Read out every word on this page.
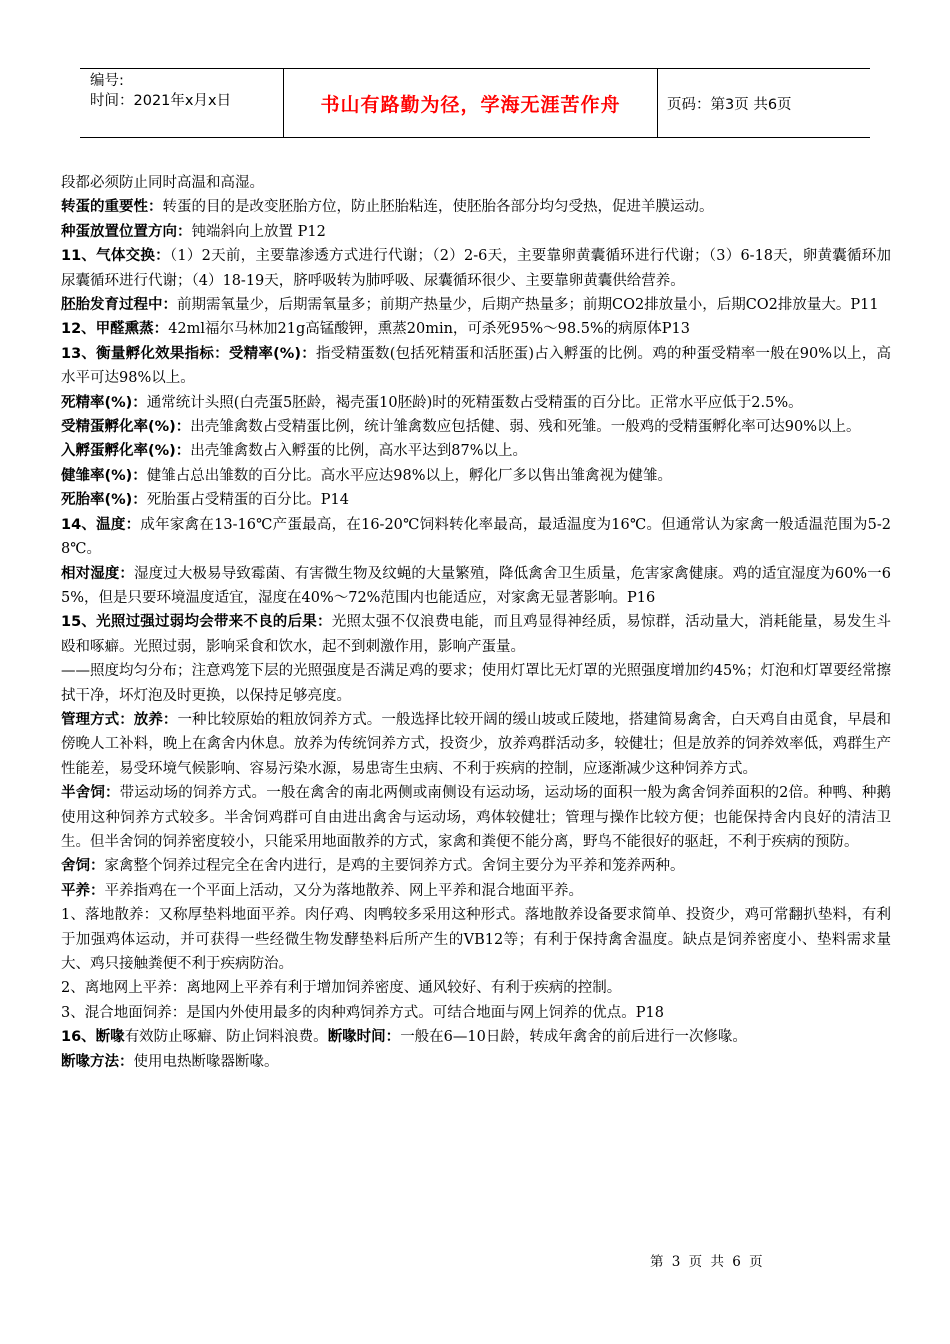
编号:
时间：2021年x月x日	书山有路勤为径，学海无涯苦作舟	页码：第3页 共6页

段都必须防止同时高温和高湿。

转蛋的重要性：转蛋的目的是改变胚胎方位，防止胚胎粘连，使胚胎各部分均匀受热，促进羊膜运动。

种蛋放置位置方向：钝端斜向上放置 P12

11、气体交换：（1）2天前，主要靠渗透方式进行代谢；（2）2-6天，主要靠卵黄囊循环进行代谢；（3）6-18天，卵黄囊循环加尿囊循环进行代谢；（4）18-19天，脐呼吸转为肺呼吸、尿囊循环很少、主要靠卵黄囊供给营养。

胚胎发育过程中：前期需氧量少，后期需氧量多；前期产热量少，后期产热量多；前期CO2排放量小，后期CO2排放量大。P11

12、甲醛熏蒸：42ml福尔马林加21g高锰酸钾，熏蒸20min，可杀死95%～98.5%的病原体P13

13、衡量孵化效果指标：受精率(%)：指受精蛋数(包括死精蛋和活胚蛋)占入孵蛋的比例。鸡的种蛋受精率一般在90%以上，高水平可达98%以上。

死精率(%)：通常统计头照(白壳蛋5胚龄，褐壳蛋10胚龄)时的死精蛋数占受精蛋的百分比。正常水平应低于2.5%。

受精蛋孵化率(%)：出壳雏禽数占受精蛋比例，统计雏禽数应包括健、弱、残和死雏。一般鸡的受精蛋孵化率可达90%以上。

入孵蛋孵化率(%)：出壳雏禽数占入孵蛋的比例，高水平达到87%以上。

健雏率(%)：健雏占总出雏数的百分比。高水平应达98%以上，孵化厂多以售出雏禽视为健雏。

死胎率(%)：死胎蛋占受精蛋的百分比。P14

14、温度：成年家禽在13-16℃产蛋最高，在16-20℃饲料转化率最高，最适温度为16℃。但通常认为家禽一般适温范围为5-28℃。

相对湿度：湿度过大极易导致霉菌、有害微生物及纹蝇的大量繁殖，降低禽舍卫生质量，危害家禽健康。鸡的适宜湿度为60%一65%，但是只要环境温度适宜，湿度在40%～72%范围内也能适应，对家禽无显著影响。P16

15、光照过强过弱均会带来不良的后果：光照太强不仅浪费电能，而且鸡显得神经质，易惊群，活动量大，消耗能量，易发生斗殴和啄癖。光照过弱，影响采食和饮水，起不到刺激作用，影响产蛋量。

——照度均匀分布；注意鸡笼下层的光照强度是否满足鸡的要求；使用灯罩比无灯罩的光照强度增加约45%；灯泡和灯罩要经常擦拭干净，坏灯泡及时更换，以保持足够亮度。

管理方式：放养：一种比较原始的粗放饲养方式。一般选择比较开阔的缓山坡或丘陵地，搭建简易禽舍，白天鸡自由觅食，早晨和傍晚人工补料，晚上在禽舍内休息。放养为传统饲养方式，投资少，放养鸡群活动多，较健壮；但是放养的饲养效率低，鸡群生产性能差，易受环境气候影响、容易污染水源，易患寄生虫病、不利于疾病的控制，应逐渐减少这种饲养方式。

半舍饲：带运动场的饲养方式。一般在禽舍的南北两侧或南侧设有运动场，运动场的面积一般为禽舍饲养面积的2倍。种鸭、种鹅使用这种饲养方式较多。半舍饲鸡群可自由进出禽舍与运动场，鸡体较健壮；管理与操作比较方便；也能保持舍内良好的清洁卫生。但半舍饲的饲养密度较小，只能采用地面散养的方式，家禽和粪便不能分离，野鸟不能很好的驱赶，不利于疾病的预防。

舍饲：家禽整个饲养过程完全在舍内进行，是鸡的主要饲养方式。舍饲主要分为平养和笼养两种。

平养：平养指鸡在一个平面上活动，又分为落地散养、网上平养和混合地面平养。

1、落地散养：又称厚垫料地面平养。肉仔鸡、肉鸭较多采用这种形式。落地散养设备要求简单、投资少，鸡可常翻扒垫料，有利于加强鸡体运动，并可获得一些经微生物发酵垫料后所产生的VB12等；有利于保持禽舍温度。缺点是饲养密度小、垫料需求量大、鸡只接触粪便不利于疾病防治。

2、离地网上平养：离地网上平养有利于增加饲养密度、通风较好、有利于疾病的控制。

3、混合地面饲养：是国内外使用最多的肉种鸡饲养方式。可结合地面与网上饲养的优点。P18

16、断喙有效防止啄癖、防止饲料浪费。断喙时间：一般在6—10日龄，转成年禽舍的前后进行一次修喙。

断喙方法：使用电热断喙器断喙。

第 3 页 共 6 页
